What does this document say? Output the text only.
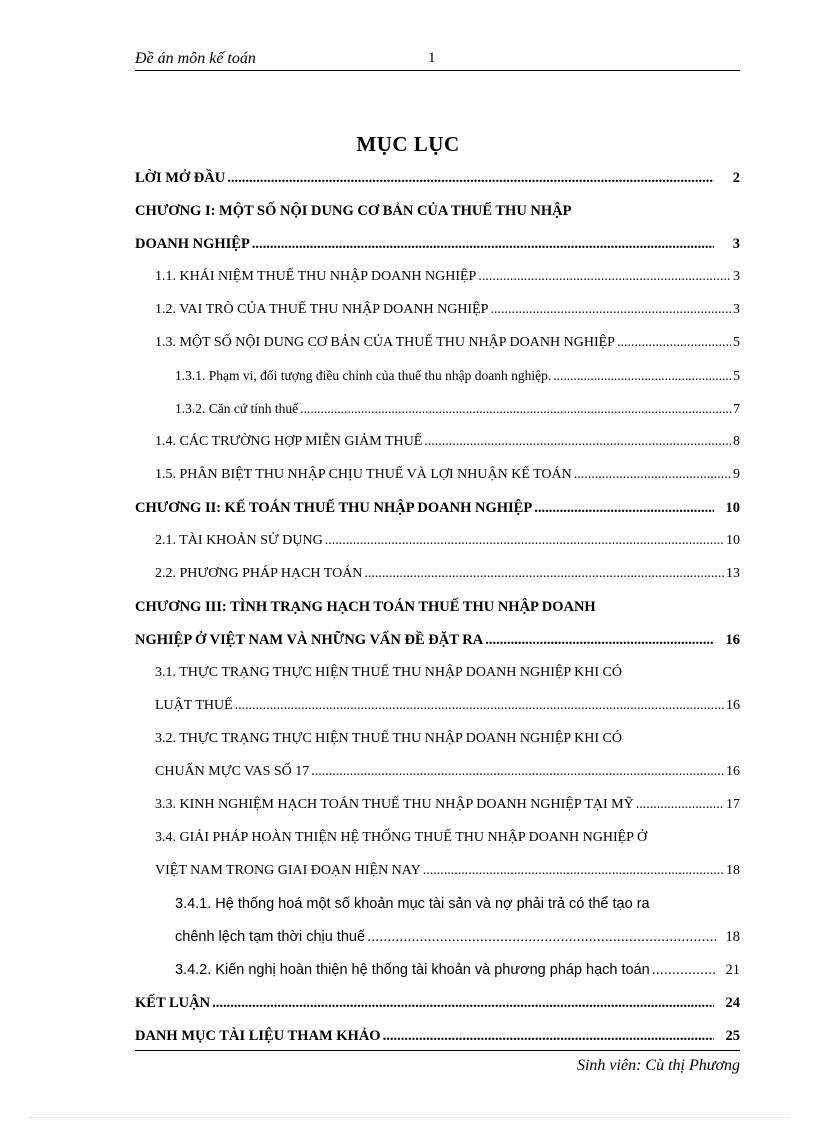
Đề án môn kế toán	1
MỤC LỤC
LỜI MỞ ĐẦU .....	2
CHƯƠNG I: MỘT SỐ NỘI DUNG CƠ BẢN CỦA THUẾ THU NHẬP
DOANH NGHIỆP .....	3
1.1. KHÁI NIỆM THUẾ THU NHẬP DOANH NGHIỆP .....	3
1.2. VAI TRÒ CỦA THUẾ THU NHẬP DOANH NGHIỆP .....	3
1.3. MỘT SỐ NỘI DUNG CƠ BẢN CỦA THUẾ THU NHẬP DOANH NGHIỆP .....	5
1.3.1. Phạm vi, đối tượng điều chỉnh của thuế thu nhập doanh nghiệp. .....	5
1.3.2. Căn cứ tính thuế .....	7
1.4. CÁC TRƯỜNG HỢP MIỄN GIẢM THUẾ .....	8
1.5. PHÂN BIỆT THU NHẬP CHỊU THUẾ VÀ LỢI NHUẬN KẾ TOÁN .....	9
CHƯƠNG II: KẾ TOÁN THUẾ THU NHẬP DOANH NGHIỆP .....	10
2.1. TÀI KHOẢN SỬ DỤNG .....	10
2.2. PHƯƠNG PHÁP HẠCH TOÁN .....	13
CHƯƠNG III: TÌNH TRẠNG HẠCH TOÁN THUẾ THU NHẬP DOANH
NGHIỆP Ở VIỆT NAM VÀ NHỮNG VẤN ĐỀ ĐẶT RA .....	16
3.1. THỰC TRẠNG THỰC HIỆN THUẾ THU NHẬP DOANH NGHIỆP KHI CÓ
LUẬT THUẾ .....	16
3.2. THỰC TRẠNG THỰC HIỆN THUẾ THU NHẬP DOANH NGHIỆP KHI CÓ
CHUẨN MỰC VAS SỐ 17 .....	16
3.3. KINH NGHIỆM HẠCH TOÁN THUẾ THU NHẬP DOANH NGHIỆP TẠI MỸ .....	17
3.4. GIẢI PHÁP HOÀN THIỆN HỆ THỐNG THUẾ THU NHẬP DOANH NGHIỆP Ở
VIỆT NAM TRONG GIAI ĐOẠN HIỆN NAY .....	18
3.4.1. Hệ thống hoá một số khoản mục tài sản và nợ phải trả có thể tạo ra
chênh lệch tạm thời chịu thuế .....	18
3.4.2. Kiến nghị hoàn thiện hệ thống tài khoản và phương pháp hạch toán .....	21
KẾT LUẬN .....	24
DANH MỤC TÀI LIỆU THAM KHẢO .....	25
Sinh viên: Cù thị Phương
